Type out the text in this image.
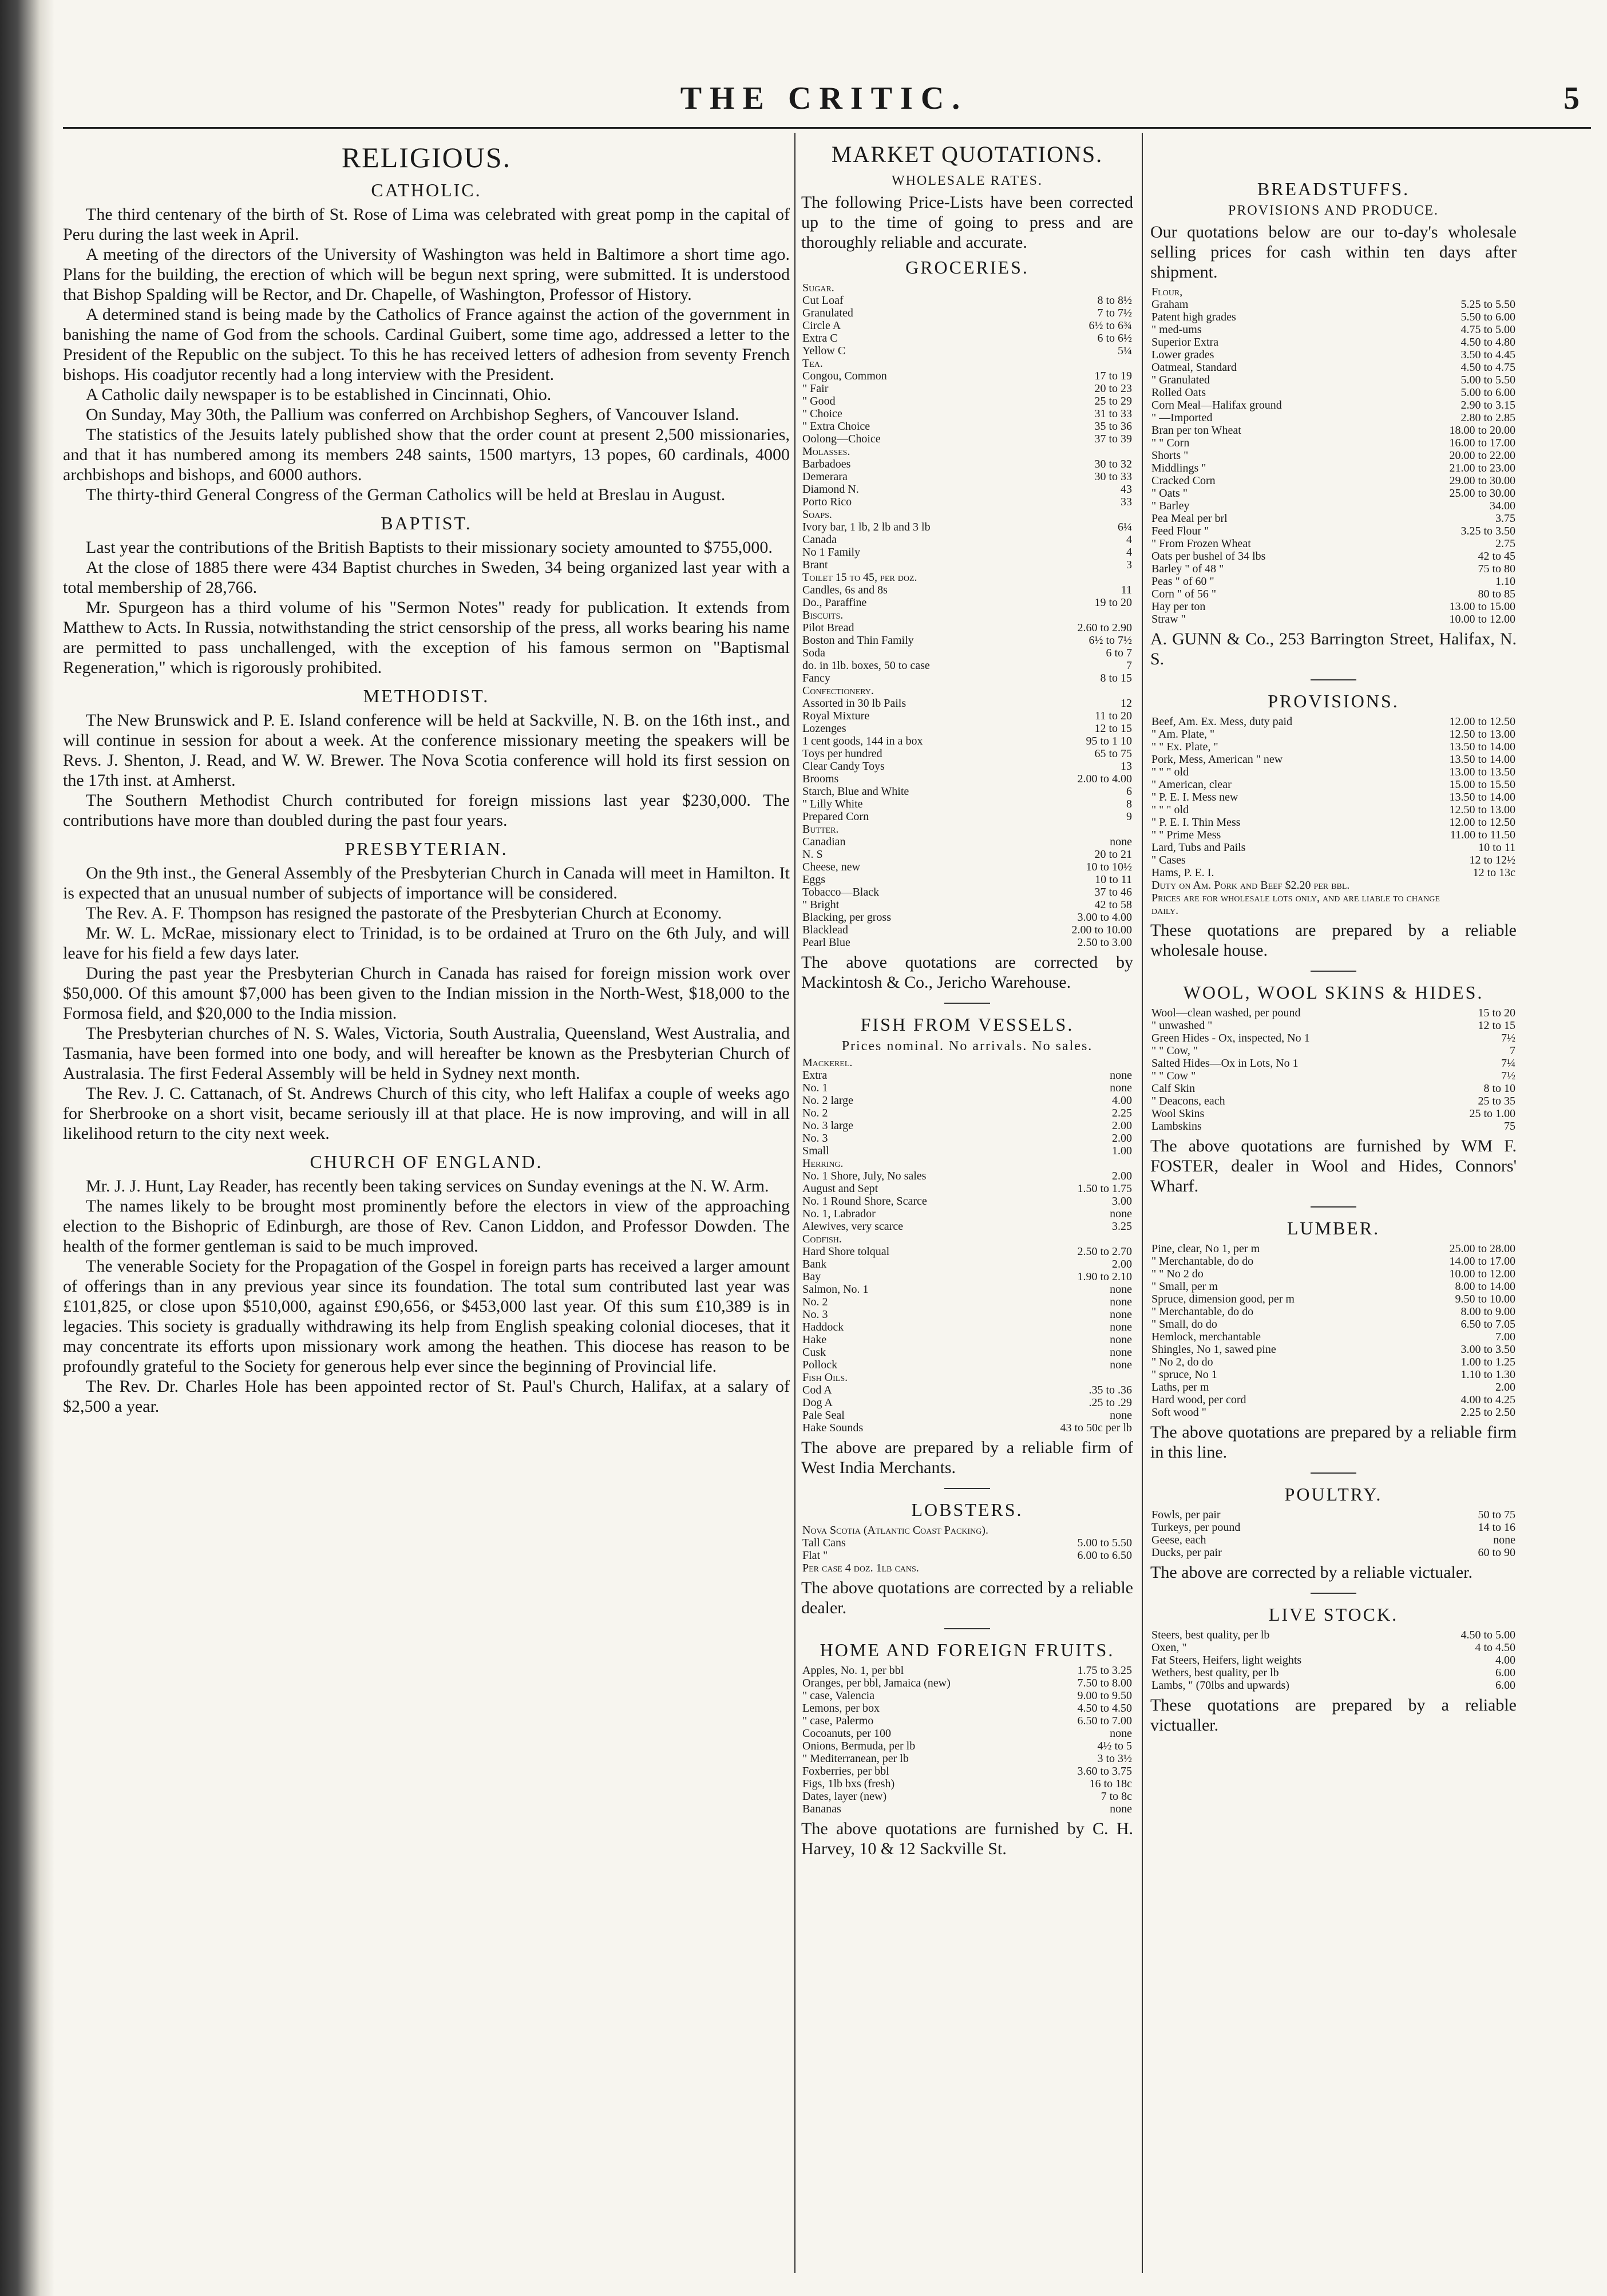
THE CRITIC.	5
RELIGIOUS.
CATHOLIC.

The third centenary of the birth of St. Rose of Lima was celebrated with great pomp in the capital of Peru during the last week in April.

A meeting of the directors of the University of Washington was held in Baltimore a short time ago. Plans for the building, the erection of which will be begun next spring, were submitted. It is understood that Bishop Spalding will be Rector, and Dr. Chapelle, of Washington, Professor of History.

A determined stand is being made by the Catholics of France against the action of the government in banishing the name of God from the schools. Cardinal Guibert, some time ago, addressed a letter to the President of the Republic on the subject. To this he has received letters of adhesion from seventy French bishops. His coadjutor recently had a long interview with the President.

A Catholic daily newspaper is to be established in Cincinnati, Ohio.

On Sunday, May 30th, the Pallium was conferred on Archbishop Seghers, of Vancouver Island.

The statistics of the Jesuits lately published show that the order count at present 2,500 missionaries, and that it has numbered among its members 248 saints, 1500 martyrs, 13 popes, 60 cardinals, 4000 archbishops and bishops, and 6000 authors.

The thirty-third General Congress of the German Catholics will be held at Breslau in August.

BAPTIST.

Last year the contributions of the British Baptists to their missionary society amounted to $755,000.

At the close of 1885 there were 434 Baptist churches in Sweden, 34 being organized last year with a total membership of 28,766.

Mr. Spurgeon has a third volume of his "Sermon Notes" ready for publication. It extends from Matthew to Acts. In Russia, notwithstanding the strict censorship of the press, all works bearing his name are permitted to pass unchallenged, with the exception of his famous sermon on "Baptismal Regeneration," which is rigorously prohibited.

METHODIST.

The New Brunswick and P. E. Island conference will be held at Sackville, N. B. on the 16th inst., and will continue in session for about a week. At the conference missionary meeting the speakers will be Revs. J. Shenton, J. Read, and W. W. Brewer. The Nova Scotia conference will hold its first session on the 17th inst. at Amherst.

The Southern Methodist Church contributed for foreign missions last year $230,000. The contributions have more than doubled during the past four years.

PRESBYTERIAN.

On the 9th inst., the General Assembly of the Presbyterian Church in Canada will meet in Hamilton. It is expected that an unusual number of subjects of importance will be considered.

The Rev. A. F. Thompson has resigned the pastorate of the Presbyterian Church at Economy.

Mr. W. L. McRae, missionary elect to Trinidad, is to be ordained at Truro on the 6th July, and will leave for his field a few days later.

During the past year the Presbyterian Church in Canada has raised for foreign mission work over $50,000. Of this amount $7,000 has been given to the Indian mission in the North-West, $18,000 to the Formosa field, and $20,000 to the India mission.

The Presbyterian churches of N. S. Wales, Victoria, South Australia, Queensland, West Australia, and Tasmania, have been formed into one body, and will hereafter be known as the Presbyterian Church of Australasia. The first Federal Assembly will be held in Sydney next month.

The Rev. J. C. Cattanach, of St. Andrews Church of this city, who left Halifax a couple of weeks ago for Sherbrooke on a short visit, became seriously ill at that place. He is now improving, and will in all likelihood return to the city next week.

CHURCH OF ENGLAND.

Mr. J. J. Hunt, Lay Reader, has recently been taking services on Sunday evenings at the N. W. Arm.

The names likely to be brought most prominently before the electors in view of the approaching election to the Bishopric of Edinburgh, are those of Rev. Canon Liddon, and Professor Dowden. The health of the former gentleman is said to be much improved.

The venerable Society for the Propagation of the Gospel in foreign parts has received a larger amount of offerings than in any previous year since its foundation. The total sum contributed last year was £101,825, or close upon $510,000, against £90,656, or $453,000 last year. Of this sum £10,389 is in legacies. This society is gradually withdrawing its help from English speaking colonial dioceses, that it may concentrate its efforts upon missionary work among the heathen. This diocese has reason to be profoundly grateful to the Society for generous help ever since the beginning of Provincial life.

The Rev. Dr. Charles Hole has been appointed rector of St. Paul's Church, Halifax, at a salary of $2,500 a year.

MARKET QUOTATIONS.
WHOLESALE RATES.
The following Price-Lists have been corrected up to the time of going to press and are thoroughly reliable and accurate.
GROCERIES.
Sugar.	
Cut Loaf	8 to 8½
Granulated	7 to 7½
Circle A	6½ to 6¾
Extra C	6 to 6½
Yellow C	5¼
Tea.	
Congou, Common	17 to 19
" Fair	20 to 23
" Good	25 to 29
" Choice	31 to 33
" Extra Choice	35 to 36
Oolong—Choice	37 to 39
Molasses.	
Barbadoes	30 to 32
Demerara	30 to 33
Diamond N.	43
Porto Rico	33
Soaps.	
Ivory bar, 1 lb, 2 lb and 3 lb	6¼
Canada	4
No 1 Family	4
Brant	3
Toilet 15 to 45, per doz.	
Candles, 6s and 8s	11
Do., Paraffine	19 to 20
Biscuits.	
Pilot Bread	2.60 to 2.90
Boston and Thin Family	6½ to 7½
Soda	6 to 7
do. in 1lb. boxes, 50 to case	7
Fancy	8 to 15
Confectionery.	
Assorted in 30 lb Pails	12
Royal Mixture	11 to 20
Lozenges	12 to 15
1 cent goods, 144 in a box	95 to 1 10
Toys per hundred	65 to 75
Clear Candy Toys	13
Brooms	2.00 to 4.00
Starch, Blue and White	6
" Lilly White	8
Prepared Corn	9
Butter.	
Canadian	none
N. S	20 to 21
Cheese, new	10 to 10½
Eggs	10 to 11
Tobacco—Black	37 to 46
" Bright	42 to 58
Blacking, per gross	3.00 to 4.00
Blacklead	2.00 to 10.00
Pearl Blue	2.50 to 3.00
The above quotations are corrected by Mackintosh & Co., Jericho Warehouse.
FISH FROM VESSELS.
Prices nominal. No arrivals. No sales.
Mackerel.	
Extra	none
No. 1	none
No. 2 large	4.00
No. 2	2.25
No. 3 large	2.00
No. 3	2.00
Small	1.00
Herring.	
No. 1 Shore, July, No sales	2.00
August and Sept	1.50 to 1.75
No. 1 Round Shore, Scarce	3.00
No. 1, Labrador	none
Alewives, very scarce	3.25
Codfish.	
Hard Shore tolqual	2.50 to 2.70
Bank	2.00
Bay	1.90 to 2.10
Salmon, No. 1	none
No. 2	none
No. 3	none
Haddock	none
Hake	none
Cusk	none
Pollock	none
Fish Oils.	
Cod A	.35 to .36
Dog A	.25 to .29
Pale Seal	none
Hake Sounds	43 to 50c per lb
The above are prepared by a reliable firm of West India Merchants.
LOBSTERS.
Nova Scotia (Atlantic Coast Packing).	
Tall Cans	5.00 to 5.50
Flat "	6.00 to 6.50
Per case 4 doz. 1lb cans.	
The above quotations are corrected by a reliable dealer.
HOME AND FOREIGN FRUITS.
Apples, No. 1, per bbl	1.75 to 3.25
Oranges, per bbl, Jamaica (new)	7.50 to 8.00
" case, Valencia	9.00 to 9.50
Lemons, per box	4.50 to 4.50
" case, Palermo	6.50 to 7.00
Cocoanuts, per 100	none
Onions, Bermuda, per lb	4½ to 5
" Mediterranean, per lb	3 to 3½
Foxberries, per bbl	3.60 to 3.75
Figs, 1lb bxs (fresh)	16 to 18c
Dates, layer (new)	7 to 8c
Bananas	none
The above quotations are furnished by C. H. Harvey, 10 & 12 Sackville St.
BREADSTUFFS.
PROVISIONS AND PRODUCE.
Our quotations below are our to-day's wholesale selling prices for cash within ten days after shipment.
Flour,	
Graham	5.25 to 5.50
Patent high grades	5.50 to 6.00
" med-ums	4.75 to 5.00
Superior Extra	4.50 to 4.80
Lower grades	3.50 to 4.45
Oatmeal, Standard	4.50 to 4.75
" Granulated	5.00 to 5.50
Rolled Oats	5.00 to 6.00
Corn Meal—Halifax ground	2.90 to 3.15
" —Imported	2.80 to 2.85
Bran per ton Wheat	18.00 to 20.00
" " Corn	16.00 to 17.00
Shorts "	20.00 to 22.00
Middlings "	21.00 to 23.00
Cracked Corn	29.00 to 30.00
" Oats "	25.00 to 30.00
" Barley	34.00
Pea Meal per brl	3.75
Feed Flour "	3.25 to 3.50
" From Frozen Wheat	2.75
Oats per bushel of 34 lbs	42 to 45
Barley " of 48 "	75 to 80
Peas " of 60 "	1.10
Corn " of 56 "	80 to 85
Hay per ton	13.00 to 15.00
Straw "	10.00 to 12.00
A. GUNN & Co., 253 Barrington Street, Halifax, N. S.
PROVISIONS.
Beef, Am. Ex. Mess, duty paid	12.00 to 12.50
" Am. Plate, "	12.50 to 13.00
" " Ex. Plate, "	13.50 to 14.00
Pork, Mess, American " new	13.50 to 14.00
" " " old	13.00 to 13.50
" American, clear	15.00 to 15.50
" P. E. I. Mess new	13.50 to 14.00
" " " old	12.50 to 13.00
" P. E. I. Thin Mess	12.00 to 12.50
" " Prime Mess	11.00 to 11.50
Lard, Tubs and Pails	10 to 11
" Cases	12 to 12½
Hams, P. E. I.	12 to 13c
Duty on Am. Pork and Beef $2.20 per bbl.	
Prices are for wholesale lots only, and are liable to change daily.	
These quotations are prepared by a reliable wholesale house.
WOOL, WOOL SKINS & HIDES.
Wool—clean washed, per pound	15 to 20
" unwashed "	12 to 15
Green Hides - Ox, inspected, No 1	7½
" " Cow, "	7
Salted Hides—Ox in Lots, No 1	7¼
" " Cow "	7½
Calf Skin	8 to 10
" Deacons, each	25 to 35
Wool Skins	25 to 1.00
Lambskins	75
The above quotations are furnished by WM F. FOSTER, dealer in Wool and Hides, Connors' Wharf.
LUMBER.
Pine, clear, No 1, per m	25.00 to 28.00
" Merchantable, do do	14.00 to 17.00
" " No 2 do	10.00 to 12.00
" Small, per m	8.00 to 14.00
Spruce, dimension good, per m	9.50 to 10.00
" Merchantable, do do	8.00 to 9.00
" Small, do do	6.50 to 7.05
Hemlock, merchantable	7.00
Shingles, No 1, sawed pine	3.00 to 3.50
" No 2, do do	1.00 to 1.25
" spruce, No 1	1.10 to 1.30
Laths, per m	2.00
Hard wood, per cord	4.00 to 4.25
Soft wood "	2.25 to 2.50
The above quotations are prepared by a reliable firm in this line.
POULTRY.
Fowls, per pair	50 to 75
Turkeys, per pound	14 to 16
Geese, each	none
Ducks, per pair	60 to 90
The above are corrected by a reliable victualer.
LIVE STOCK.
Steers, best quality, per lb	4.50 to 5.00
Oxen, "	4 to 4.50
Fat Steers, Heifers, light weights	4.00
Wethers, best quality, per lb	6.00
Lambs, " (70lbs and upwards)	6.00
These quotations are prepared by a reliable victualler.
